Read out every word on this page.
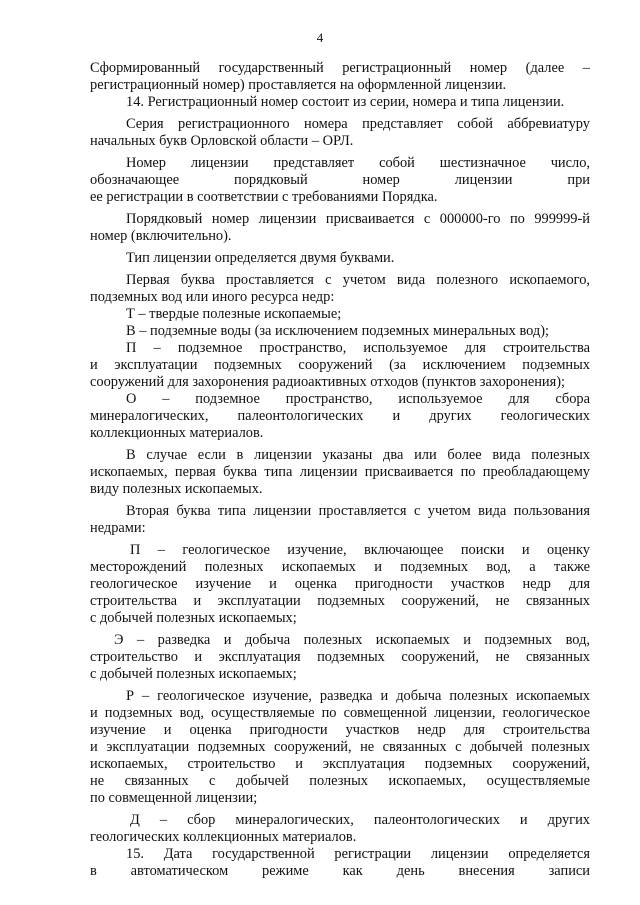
4
Сформированный государственный регистрационный номер (далее –
регистрационный номер) проставляется на оформленной лицензии.
14. Регистрационный номер состоит из серии, номера и типа лицензии.
Серия регистрационного номера представляет собой аббревиатуру
начальных букв Орловской области – ОРЛ.
Номер лицензии представляет собой шестизначное число,
обозначающее порядковый номер лицензии при
ее регистрации в соответствии с требованиями Порядка.
Порядковый номер лицензии присваивается с 000000-го по 999999-й
номер (включительно).
Тип лицензии определяется двумя буквами.
Первая буква проставляется с учетом вида полезного ископаемого,
подземных вод или иного ресурса недр:
Т – твердые полезные ископаемые;
В – подземные воды (за исключением подземных минеральных вод);
П – подземное пространство, используемое для строительства
и эксплуатации подземных сооружений (за исключением подземных
сооружений для захоронения радиоактивных отходов (пунктов захоронения);
О – подземное пространство, используемое для сбора
минералогических, палеонтологических и других геологических
коллекционных материалов.
В случае если в лицензии указаны два или более вида полезных
ископаемых, первая буква типа лицензии присваивается по преобладающему
виду полезных ископаемых.
Вторая буква типа лицензии проставляется с учетом вида пользования
недрами:
П – геологическое изучение, включающее поиски и оценку
месторождений полезных ископаемых и подземных вод, а также
геологическое изучение и оценка пригодности участков недр для
строительства и эксплуатации подземных сооружений, не связанных
с добычей полезных ископаемых;
Э – разведка и добыча полезных ископаемых и подземных вод,
строительство и эксплуатация подземных сооружений, не связанных
с добычей полезных ископаемых;
Р – геологическое изучение, разведка и добыча полезных ископаемых
и подземных вод, осуществляемые по совмещенной лицензии, геологическое
изучение и оценка пригодности участков недр для строительства
и эксплуатации подземных сооружений, не связанных с добычей полезных
ископаемых, строительство и эксплуатация подземных сооружений,
не связанных с добычей полезных ископаемых, осуществляемые
по совмещенной лицензии;
Д – сбор минералогических, палеонтологических и других
геологических коллекционных материалов.
15. Дата государственной регистрации лицензии определяется
в автоматическом режиме как день внесения записи
